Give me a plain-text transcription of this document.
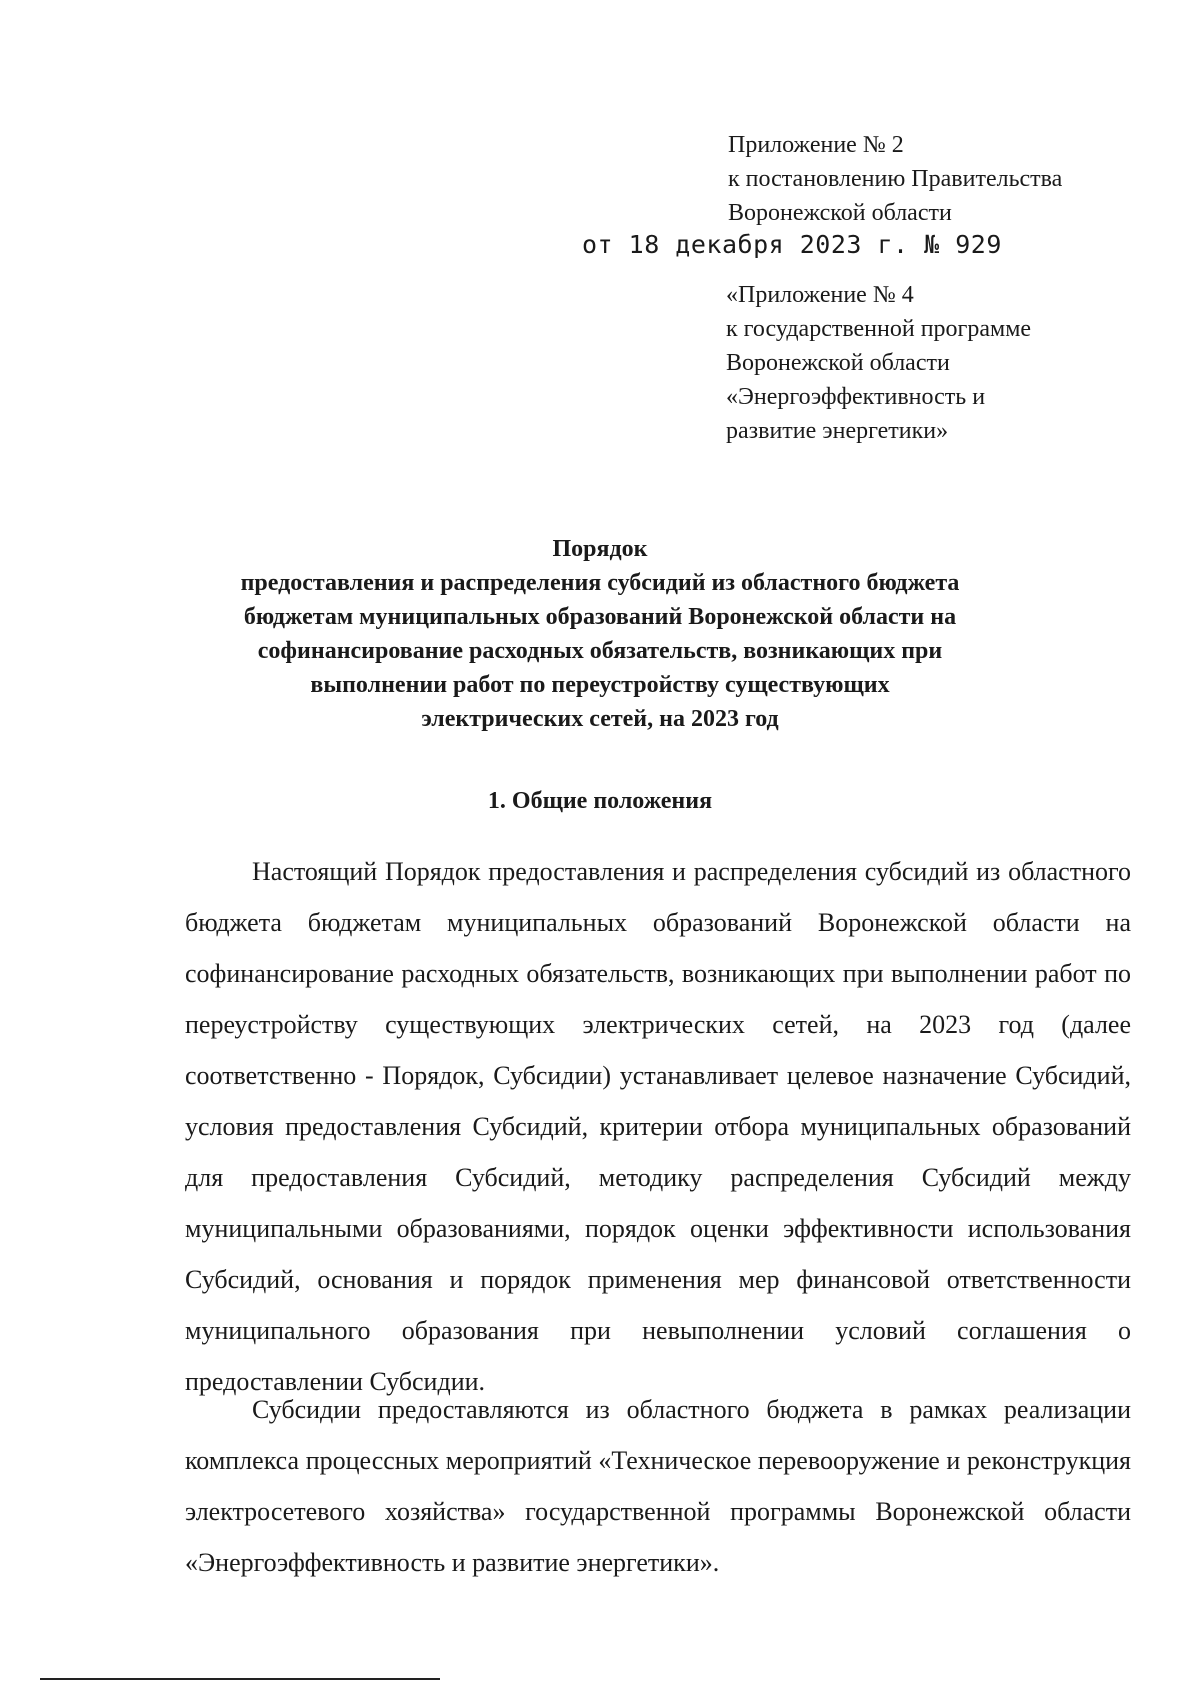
Приложение № 2
к постановлению Правительства
Воронежской области
от 18 декабря 2023 г. № 929
«Приложение № 4
к государственной программе
Воронежской области
«Энергоэффективность и
развитие энергетики»
Порядок
предоставления и распределения субсидий из областного бюджета
бюджетам муниципальных образований Воронежской области на
софинансирование расходных обязательств, возникающих при
выполнении работ по переустройству существующих
электрических сетей, на 2023 год
1. Общие положения

Настоящий Порядок предоставления и распределения субсидий из областного бюджета бюджетам муниципальных образований Воронежской области на софинансирование расходных обязательств, возникающих при выполнении работ по переустройству существующих электрических сетей, на 2023 год (далее соответственно - Порядок, Субсидии) устанавливает целевое назначение Субсидий, условия предоставления Субсидий, критерии отбора муниципальных образований для предоставления Субсидий, методику распределения Субсидий между муниципальными образованиями, порядок оценки эффективности использования Субсидий, основания и порядок применения мер финансовой ответственности муниципального образования при невыполнении условий соглашения о предоставлении Субсидии.

Субсидии предоставляются из областного бюджета в рамках реализации комплекса процессных мероприятий «Техническое перевооружение и реконструкция электросетевого хозяйства» государственной программы Воронежской области «Энергоэффективность и развитие энергетики».
